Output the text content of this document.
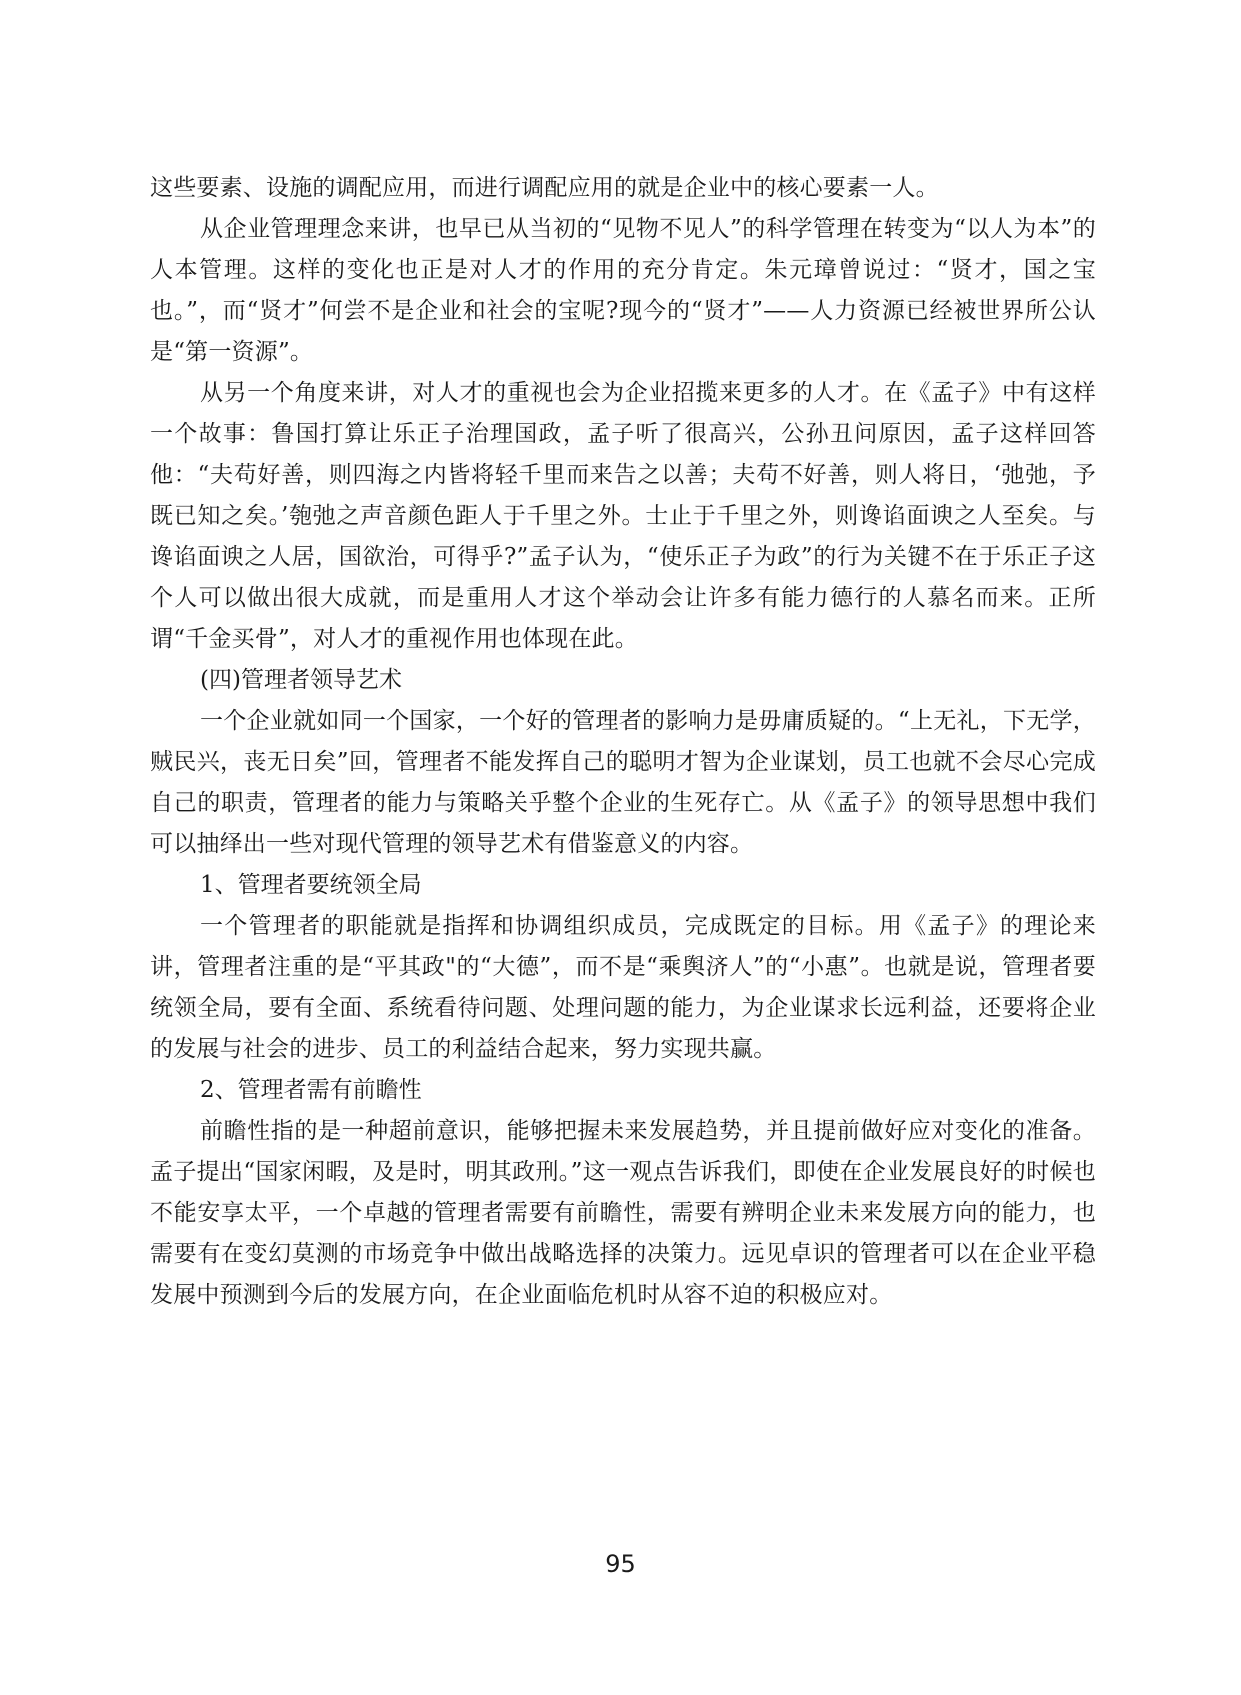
这些要素、设施的调配应用，而进行调配应用的就是企业中的核心要素一人。

从企业管理理念来讲，也早已从当初的“见物不见人”的科学管理在转变为“以人为本”的人本管理。这样的变化也正是对人才的作用的充分肯定。朱元璋曾说过：“贤才，国之宝也。”，而“贤才”何尝不是企业和社会的宝呢?现今的“贤才”——人力资源已经被世界所公认是“第一资源”。

从另一个角度来讲，对人才的重视也会为企业招揽来更多的人才。在《孟子》中有这样一个故事：鲁国打算让乐正子治理国政，孟子听了很高兴，公孙丑问原因，孟子这样回答他：“夫苟好善，则四海之内皆将轻千里而来告之以善；夫苟不好善，则人将日，‘弛弛，予既已知之矣。’匏弛之声音颜色距人于千里之外。士止于千里之外，则谗谄面谀之人至矣。与谗谄面谀之人居，国欲治，可得乎?”孟子认为，“使乐正子为政”的行为关键不在于乐正子这个人可以做出很大成就，而是重用人才这个举动会让许多有能力德行的人慕名而来。正所谓“千金买骨”，对人才的重视作用也体现在此。

(四)管理者领导艺术

一个企业就如同一个国家，一个好的管理者的影响力是毋庸质疑的。“上无礼，下无学，贼民兴，丧无日矣”回，管理者不能发挥自己的聪明才智为企业谋划，员工也就不会尽心完成自己的职责，管理者的能力与策略关乎整个企业的生死存亡。从《孟子》的领导思想中我们可以抽绎出一些对现代管理的领导艺术有借鉴意义的内容。

1、管理者要统领全局

一个管理者的职能就是指挥和协调组织成员，完成既定的目标。用《孟子》的理论来讲，管理者注重的是“平其政"的“大德”，而不是“乘舆济人”的“小惠”。也就是说，管理者要统领全局，要有全面、系统看待问题、处理问题的能力，为企业谋求长远利益，还要将企业的发展与社会的进步、员工的利益结合起来，努力实现共赢。

2、管理者需有前瞻性

前瞻性指的是一种超前意识，能够把握未来发展趋势，并且提前做好应对变化的准备。孟子提出“国家闲暇，及是时，明其政刑。”这一观点告诉我们，即使在企业发展良好的时候也不能安享太平，一个卓越的管理者需要有前瞻性，需要有辨明企业未来发展方向的能力，也需要有在变幻莫测的市场竞争中做出战略选择的决策力。远见卓识的管理者可以在企业平稳发展中预测到今后的发展方向，在企业面临危机时从容不迫的积极应对。

95
